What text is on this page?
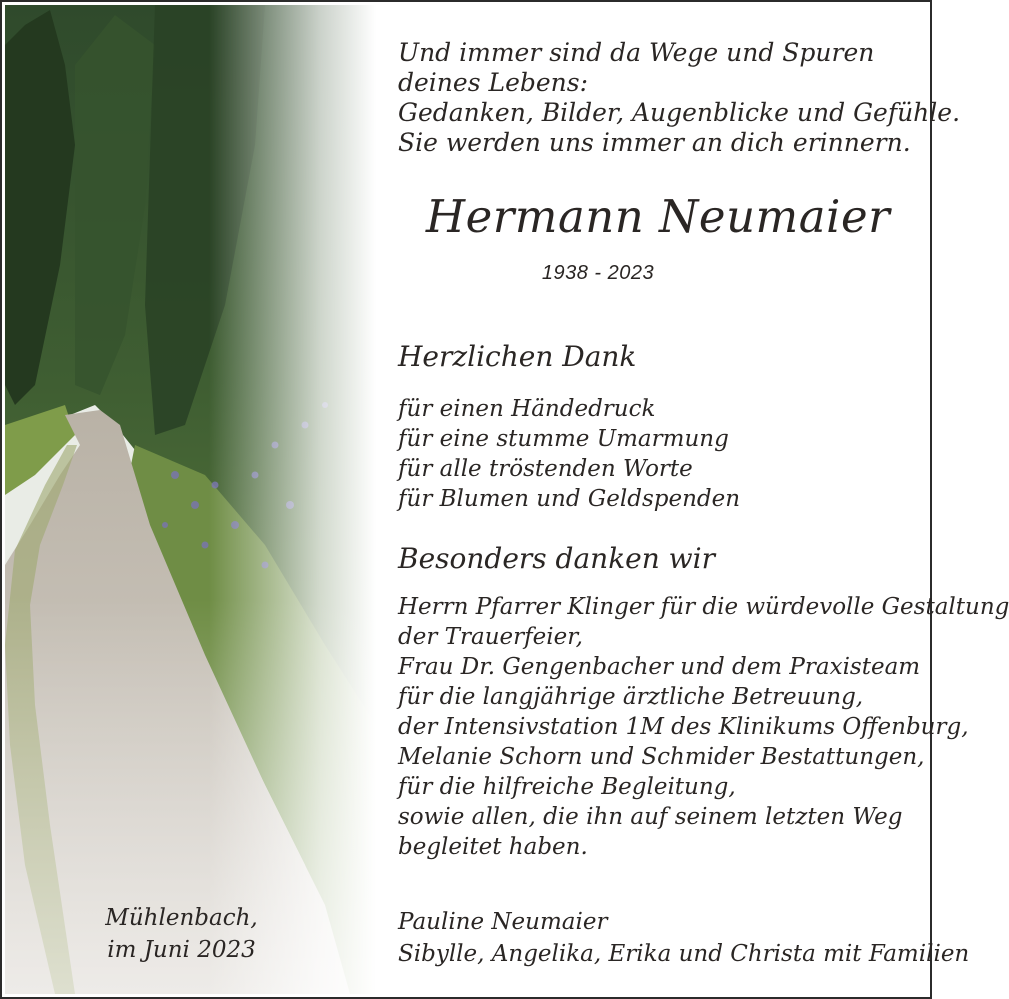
Und immer sind da Wege und Spuren
deines Lebens:
Gedanken, Bilder, Augenblicke und Gefühle.
Sie werden uns immer an dich erinnern.
Hermann Neumaier
1938 - 2023
Herzlichen Dank
für einen Händedruck
für eine stumme Umarmung
für alle tröstenden Worte
für Blumen und Geldspenden
Besonders danken wir
Herrn Pfarrer Klinger für die würdevolle Gestaltung
der Trauerfeier,
Frau Dr. Gengenbacher und dem Praxisteam
für die langjährige ärztliche Betreuung,
der Intensivstation 1M des Klinikums Offenburg,
Melanie Schorn und Schmider Bestattungen,
für die hilfreiche Begleitung,
sowie allen, die ihn auf seinem letzten Weg
begleitet haben.
Mühlenbach,
im Juni 2023
Pauline Neumaier
Sibylle, Angelika, Erika und Christa mit Familien
